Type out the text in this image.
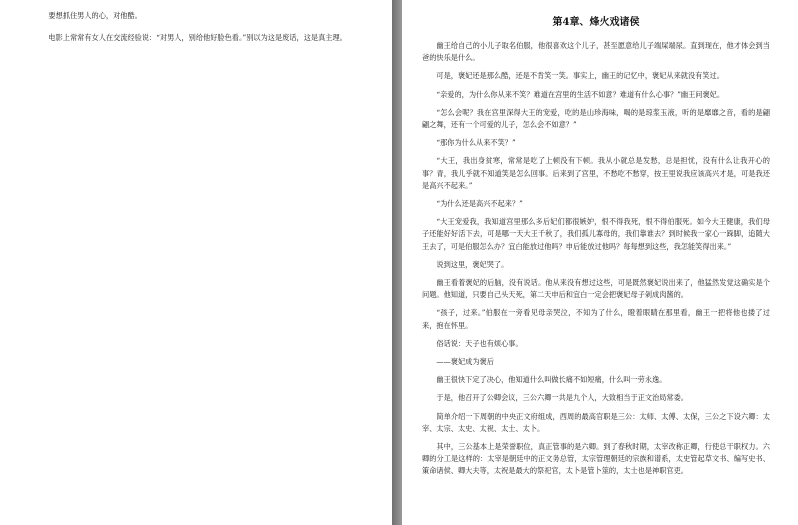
要想抓住男人的心，对他酷。

电影上常常有女人在交流经验说：“对男人，别给他好脸色看。”别以为这是废话，这是真主理。

第4章、烽火戏诸侯

幽王给自己的小儿子取名伯服，他很喜欢这个儿子，甚至愿意给儿子端屎端尿。直到现在，他才体会到当爸的快乐是什么。

可是，褒妃还是那么酷，还是不肯笑一笑。事实上，幽王的记忆中，褒妃从来就没有笑过。

“亲爱的，为什么你从来不笑？难道在宫里的生活不如意？难道有什么心事？”幽王问褒妃。

“怎么会呢？我在宫里深得大王的宠爱，吃的是山珍海味，喝的是琼浆玉液，听的是靡靡之音，看的是翩翩之舞，还有一个可爱的儿子，怎么会不如意？”

“那你为什么从来不笑？”

“大王，我出身贫寒，常常是吃了上顿没有下顿。我从小就总是发愁，总是担忧，没有什么让我开心的事？青，我儿乎就不知道笑是怎么回事。后来到了宫里，不愁吃不愁穿，按王里说我应该高兴才是，可是我还是高兴不起来。”

“为什么还是高兴不起来？”

“大王宠爱我，我知道宫里那么多后妃们都很嫉妒，恨不得我死，恨不得伯服死。如今大王健康，我们母子还能好好活下去，可是哪一天大王千秋了，我们孤儿寡母的，我们靠谁去？到时候我一家心一跺脚，追随大王去了，可是伯服怎么办？宜白能放过他吗？申后能放过他吗？每每想到这些，我怎能笑得出来。”

说到这里，褒妃哭了。

幽王看着褒妃的后脑，没有说话。他从来没有想过这些，可是既然褒妃说出来了，他猛然发觉这确实是个问题。他知道，只要自己头天死，第二天申后和宜白一定会把褒妃母子剁成肉酱的。

“孩子，过来。”伯服在一旁看见母亲哭泣，不知为了什么，瞪着眼睛在那里看，幽王一把将他也搂了过来，抱在怀里。

俗话说：天子也有烦心事。

——褒妃成为褒后

幽王很快下定了决心，他知道什么叫做长痛不如短痛，什么叫一劳永逸。

于是，他召开了公卿会议，三公六卿一共是九个人，大致相当于正文治局常委。

简单介绍一下周朝的中央正文府组成，西周的最高官职是三公：太师、太傅、太保，三公之下设六卿：太宰、太宗、太史、太祝、太士、太卜。

其中，三公基本上是荣誉职位，真正管事的是六卿。到了春秋时期，太宰改称正卿，行使总干职权力。六卿的分工是这样的：太宰是朝廷中的正文务总管，太宗管理朝廷的宗族和谱系，太史管起草文书、编写史书、策命诸侯、卿大夫等，太祝是最大的祭祀官，太卜是管卜筮的，太士也是神职官吏。
